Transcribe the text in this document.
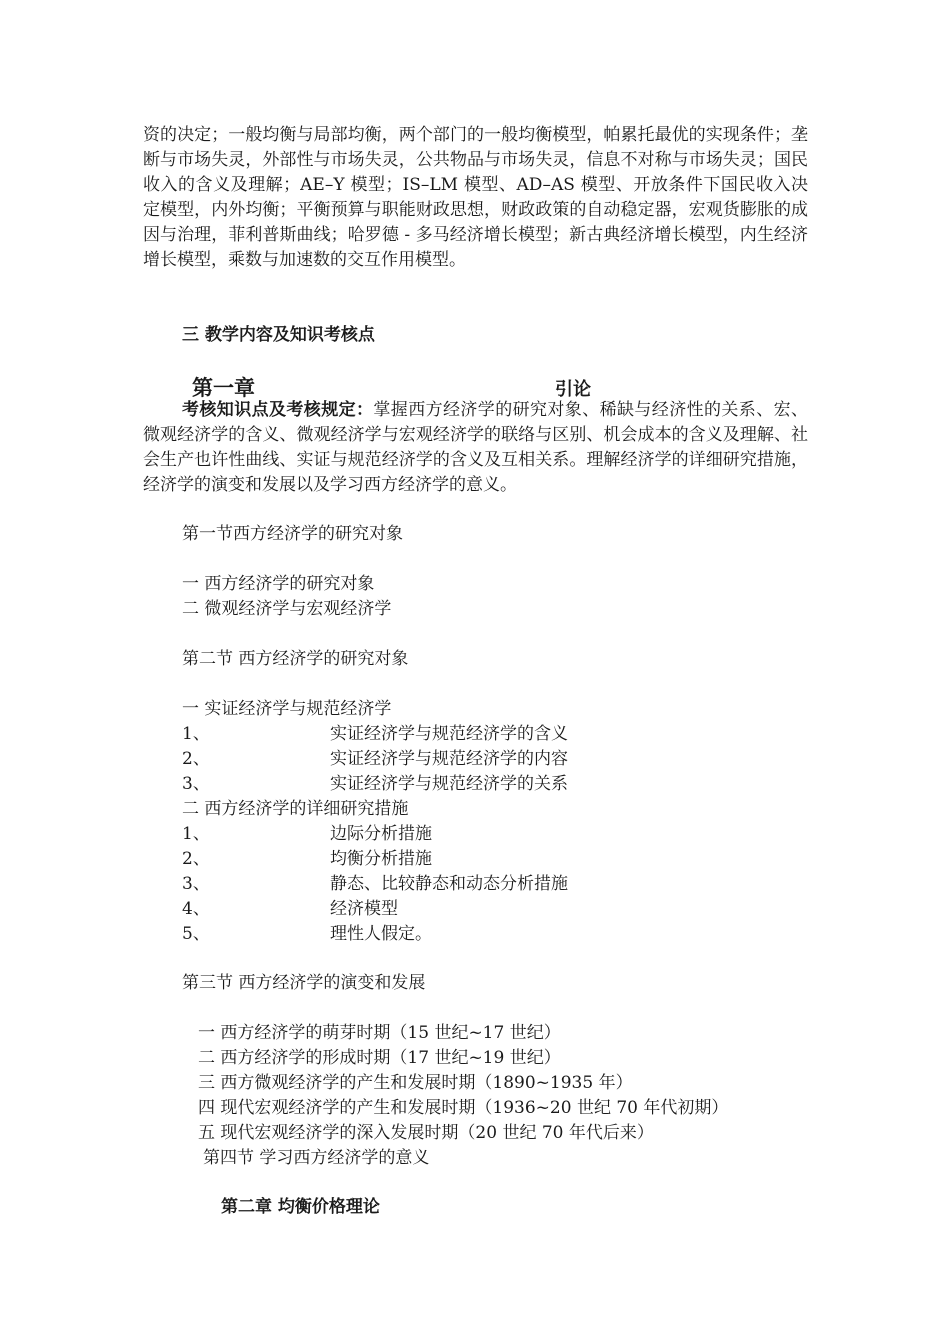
资的决定；一般均衡与局部均衡，两个部门的一般均衡模型，帕累托最优的实现条件；垄断与市场失灵，外部性与市场失灵，公共物品与市场失灵，信息不对称与市场失灵；国民收入的含义及理解；AE–Y 模型；IS–LM 模型、AD–AS 模型、开放条件下国民收入决定模型，内外均衡；平衡预算与职能财政思想，财政政策的自动稳定器，宏观货膨胀的成因与治理，菲利普斯曲线；哈罗德 - 多马经济增长模型；新古典经济增长模型，内生经济增长模型，乘数与加速数的交互作用模型。
三 教学内容及知识考核点
第一章	引论
考核知识点及考核规定：掌握西方经济学的研究对象、稀缺与经济性的关系、宏、微观经济学的含义、微观经济学与宏观经济学的联络与区别、机会成本的含义及理解、社会生产也许性曲线、实证与规范经济学的含义及互相关系。理解经济学的详细研究措施，经济学的演变和发展以及学习西方经济学的意义。
第一节西方经济学的研究对象
一 西方经济学的研究对象
二 微观经济学与宏观经济学
第二节 西方经济学的研究对象
一 实证经济学与规范经济学
1、	实证经济学与规范经济学的含义
2、	实证经济学与规范经济学的内容
3、	实证经济学与规范经济学的关系
二 西方经济学的详细研究措施
1、	边际分析措施
2、	均衡分析措施
3、	静态、比较静态和动态分析措施
4、	经济模型
5、	理性人假定。
第三节 西方经济学的演变和发展
一 西方经济学的萌芽时期（15 世纪~17 世纪）
二 西方经济学的形成时期（17 世纪~19 世纪）
三 西方微观经济学的产生和发展时期（1890~1935 年）
四 现代宏观经济学的产生和发展时期（1936~20 世纪 70 年代初期）
五 现代宏观经济学的深入发展时期（20 世纪 70 年代后来）
第四节 学习西方经济学的意义
第二章 均衡价格理论
